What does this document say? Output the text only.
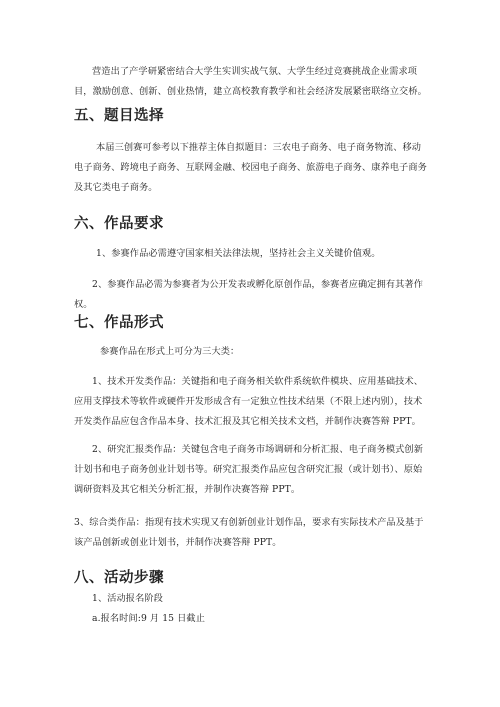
营造出了产学研紧密结合大学生实训实战气氛、大学生经过竞赛挑战企业需求项目，激励创意、创新、创业热情，建立高校教育教学和社会经济发展紧密联络立交桥。

五、题目选择

本届三创赛可参考以下推荐主体自拟题目：三农电子商务、电子商务物流、移动电子商务、跨境电子商务、互联网金融、校园电子商务、旅游电子商务、康养电子商务及其它类电子商务。

六、作品要求

1、参赛作品必需遵守国家相关法律法规，坚持社会主义关键价值观。

2、参赛作品必需为参赛者为公开发表或孵化原创作品，参赛者应确定拥有其著作权。

七、作品形式

参赛作品在形式上可分为三大类：

1、技术开发类作品：关键指和电子商务相关软件系统软件模块、应用基础技术、应用支撑技术等软件或硬件开发形成含有一定独立性技术结果（不限上述内别），技术开发类作品应包含作品本身、技术汇报及其它相关技术文档，并制作决赛答辩 PPT。

2、研究汇报类作品：关键包含电子商务市场调研和分析汇报、电子商务模式创新计划书和电子商务创业计划书等。研究汇报类作品应包含研究汇报（或计划书）、原始调研资料及其它相关分析汇报，并制作决赛答辩 PPT。

3、综合类作品：指现有技术实现又有创新创业计划作品，要求有实际技术产品及基于该产品创新或创业计划书，并制作决赛答辩 PPT。

八、活动步骤

1、活动报名阶段

a.报名时间:9 月 15 日截止
